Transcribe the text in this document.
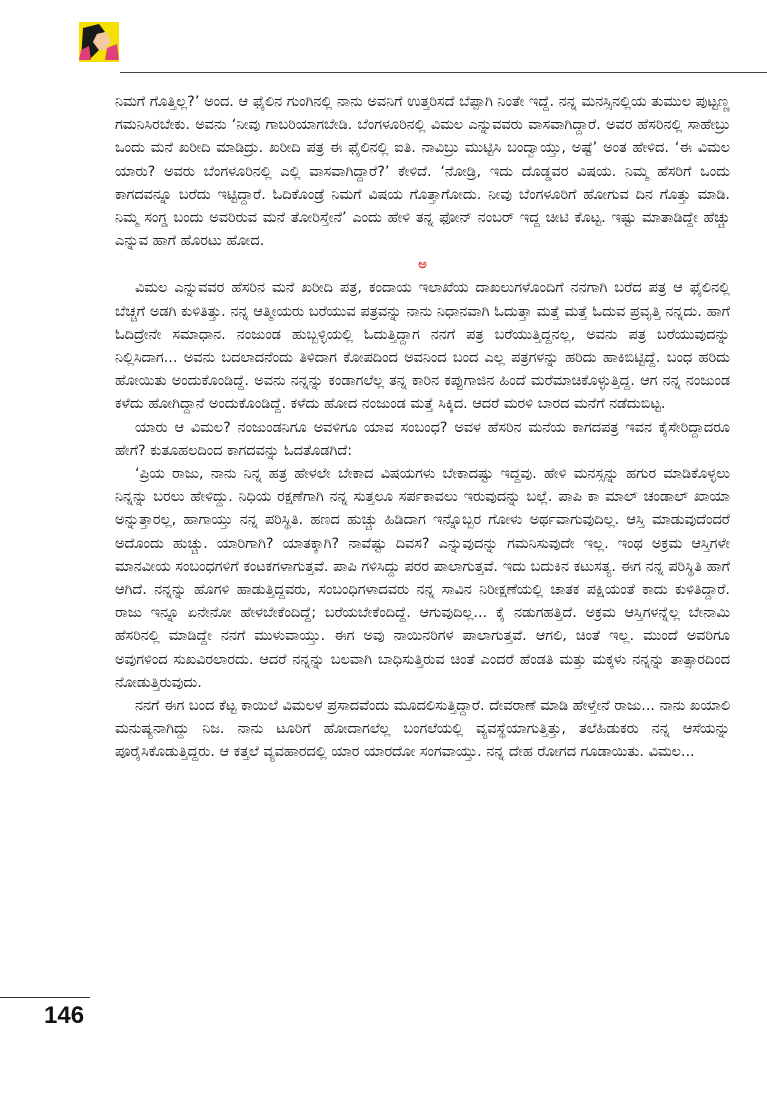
ನಿಮಗೆ ಗೊತ್ತಿಲ್ಲ?’ ಅಂದ. ಆ ಫೈಲಿನ ಗುಂಗಿನಲ್ಲಿ ನಾನು ಅವನಿಗೆ ಉತ್ತರಿಸದೆ ಬೆಪ್ಪಾಗಿ ನಿಂತೇ ಇದ್ದೆ. ನನ್ನ ಮನಸ್ಸಿನಲ್ಲಿಯ ತುಮುಲ ಪುಟ್ಟಣ್ಣ ಗಮನಿಸಿರಬೇಕು. ಅವನು ‘ನೀವು ಗಾಬರಿಯಾಗಬೇಡಿ. ಬೆಂಗಳೂರಿನಲ್ಲಿ ವಿಮಲ ಎನ್ನುವವರು ವಾಸವಾಗಿದ್ದಾರೆ. ಅವರ ಹೆಸರಿನಲ್ಲಿ ಸಾಹೇಬ್ರು ಒಂದು ಮನೆ ಖರೀದಿ ಮಾಡಿದ್ರು. ಖರೀದಿ ಪತ್ರ ಈ ಫೈಲಿನಲ್ಲಿ ಐತಿ. ನಾವಿಬ್ರು ಮುಟ್ಟಿಸಿ ಬಂದ್ವಾಯ್ತು, ಅಷ್ಟೆ’ ಅಂತ ಹೇಳಿದ. ‘ಈ ವಿಮಲ ಯಾರು? ಅವರು ಬೆಂಗಳೂರಿನಲ್ಲಿ ಎಲ್ಲಿ ವಾಸವಾಗಿದ್ದಾರೆ?’ ಕೇಳಿದೆ. ‘ನೋಡ್ರಿ, ಇದು ದೊಡ್ಡವರ ವಿಷಯ. ನಿಮ್ಮ ಹೆಸರಿಗೆ ಒಂದು ಕಾಗದವನ್ನೂ ಬರೆದು ಇಟ್ಟಿದ್ದಾರೆ. ಓದಿಕೊಂಡ್ರೆ ನಿಮಗೆ ವಿಷಯ ಗೊತ್ತಾಗೋದು. ನೀವು ಬೆಂಗಳೂರಿಗೆ ಹೋಗುವ ದಿನ ಗೊತ್ತು ಮಾಡಿ. ನಿಮ್ಮ ಸಂಗ್ಡ ಬಂದು ಅವರಿರುವ ಮನೆ ತೋರಿಸ್ತೇನೆ’ ಎಂದು ಹೇಳಿ ತನ್ನ ಫೋನ್ ನಂಬರ್ ಇದ್ದ ಚೀಟಿ ಕೊಟ್ಟ. ಇಷ್ಟು ಮಾತಾಡಿದ್ದೇ ಹೆಚ್ಚು ಎನ್ನುವ ಹಾಗೆ ಹೊರಟು ಹೋದ.

ಅ

ವಿಮಲ ಎನ್ನುವವರ ಹೆಸರಿನ ಮನೆ ಖರೀದಿ ಪತ್ರ, ಕಂದಾಯ ಇಲಾಖೆಯ ದಾಖಲುಗಳೊಂದಿಗೆ ನನಗಾಗಿ ಬರೆದ ಪತ್ರ ಆ ಫೈಲಿನಲ್ಲಿ ಬೆಚ್ಚಗೆ ಅಡಗಿ ಕುಳಿತಿತ್ತು. ನನ್ನ ಆತ್ಮೀಯರು ಬರೆಯುವ ಪತ್ರವನ್ನು ನಾನು ನಿಧಾನವಾಗಿ ಓದುತ್ತಾ ಮತ್ತೆ ಮತ್ತೆ ಓದುವ ಪ್ರವೃತ್ತಿ ನನ್ನದು. ಹಾಗೆ ಓದಿದ್ರೇನೇ ಸಮಾಧಾನ. ನಂಜುಂಡ ಹುಬ್ಬಳ್ಳಿಯಲ್ಲಿ ಓದುತ್ತಿದ್ದಾಗ ನನಗೆ ಪತ್ರ ಬರೆಯುತ್ತಿದ್ದನಲ್ಲ, ಅವನು ಪತ್ರ ಬರೆಯುವುದನ್ನು ನಿಲ್ಲಿಸಿದಾಗ... ಅವನು ಬದಲಾದನೆಂದು ತಿಳಿದಾಗ ಕೋಪದಿಂದ ಅವನಿಂದ ಬಂದ ಎಲ್ಲ ಪತ್ರಗಳನ್ನು ಹರಿದು ಹಾಕಿಬಿಟ್ಟಿದ್ದೆ. ಬಂಧ ಹರಿದು ಹೋಯಿತು ಅಂದುಕೊಂಡಿದ್ದೆ. ಅವನು ನನ್ನನ್ನು ಕಂಡಾಗಲೆಲ್ಲ ತನ್ನ ಕಾರಿನ ಕಪ್ಪುಗಾಜಿನ ಹಿಂದೆ ಮರೆಮಾಚಿಕೊಳ್ಳುತ್ತಿದ್ದ. ಆಗ ನನ್ನ ನಂಜುಂಡ ಕಳೆದು ಹೋಗಿದ್ದಾನೆ ಅಂದುಕೊಂಡಿದ್ದೆ. ಕಳೆದು ಹೋದ ನಂಜುಂಡ ಮತ್ತೆ ಸಿಕ್ಕಿದ. ಆದರೆ ಮರಳಿ ಬಾರದ ಮನೆಗೆ ನಡೆದುಬಿಟ್ಟ.

ಯಾರು ಆ ವಿಮಲ? ನಂಜುಂಡನಿಗೂ ಅವಳಿಗೂ ಯಾವ ಸಂಬಂಧ? ಅವಳ ಹೆಸರಿನ ಮನೆಯ ಕಾಗದಪತ್ರ ಇವನ ಕೈಸೇರಿದ್ದಾದರೂ ಹೇಗೆ? ಕುತೂಹಲದಿಂದ ಕಾಗದವನ್ನು ಓದತೊಡಗಿದೆ:

‘ಪ್ರಿಯ ರಾಜು, ನಾನು ನಿನ್ನ ಹತ್ರ ಹೇಳಲೇ ಬೇಕಾದ ವಿಷಯಗಳು ಬೇಕಾದಷ್ಟು ಇದ್ದವು. ಹೇಳಿ ಮನಸ್ಸನ್ನು ಹಗುರ ಮಾಡಿಕೊಳ್ಳಲು ನಿನ್ನನ್ನು ಬರಲು ಹೇಳಿದ್ದು. ನಿಧಿಯ ರಕ್ಷಣೆಗಾಗಿ ನನ್ನ ಸುತ್ತಲೂ ಸರ್ಪಕಾವಲು ಇರುವುದನ್ನು ಬಲ್ಲೆ. ಪಾಪಿ ಕಾ ಮಾಲ್ ಚಂಡಾಲ್ ಖಾಯಾ ಅನ್ನುತ್ತಾರಲ್ಲ, ಹಾಗಾಯ್ತು ನನ್ನ ಪರಿಸ್ಥಿತಿ. ಹಣದ ಹುಚ್ಚು ಹಿಡಿದಾಗ ಇನ್ನೊಬ್ಬರ ಗೋಳು ಅರ್ಥವಾಗುವುದಿಲ್ಲ. ಆಸ್ತಿ ಮಾಡುವುದೆಂದರೆ ಅದೊಂದು ಹುಚ್ಚು. ಯಾರಿಗಾಗಿ? ಯಾತಕ್ಕಾಗಿ? ನಾವೆಷ್ಟು ದಿವಸ? ಎನ್ನುವುದನ್ನು ಗಮನಿಸುವುದೇ ಇಲ್ಲ. ಇಂಥ ಅಕ್ರಮ ಆಸ್ತಿಗಳೇ ಮಾನವೀಯ ಸಂಬಂಧಗಳಿಗೆ ಕಂಟಕಗಳಾಗುತ್ತವೆ. ಪಾಪಿ ಗಳಿಸಿದ್ದು ಪರರ ಪಾಲಾಗುತ್ತವೆ. ಇದು ಬದುಕಿನ ಕಟುಸತ್ಯ. ಈಗ ನನ್ನ ಪರಿಸ್ಥಿತಿ ಹಾಗೆ ಆಗಿದೆ. ನನ್ನನ್ನು ಹೊಗಳಿ ಹಾಡುತ್ತಿದ್ದವರು, ಸಂಬಂಧಿಗಳಾದವರು ನನ್ನ ಸಾವಿನ ನಿರೀಕ್ಷಣೆಯಲ್ಲಿ ಚಾತಕ ಪಕ್ಷಿಯಂತೆ ಕಾದು ಕುಳಿತಿದ್ದಾರೆ. ರಾಜು ಇನ್ನೂ ಏನೇನೋ ಹೇಳಬೇಕೆಂದಿದ್ದೆ; ಬರೆಯಬೇಕೆಂದಿದ್ದೆ. ಆಗುವುದಿಲ್ಲ... ಕೈ ನಡುಗಹತ್ತಿದೆ. ಅಕ್ರಮ ಆಸ್ತಿಗಳನ್ನೆಲ್ಲ ಬೇನಾಮಿ ಹೆಸರಿನಲ್ಲಿ ಮಾಡಿದ್ದೇ ನನಗೆ ಮುಳುವಾಯ್ತು. ಈಗ ಅವು ನಾಯಿನರಿಗಳ ಪಾಲಾಗುತ್ತವೆ. ಆಗಲಿ, ಚಿಂತೆ ಇಲ್ಲ. ಮುಂದೆ ಅವರಿಗೂ ಅವುಗಳಿಂದ ಸುಖವಿರಲಾರದು. ಆದರೆ ನನ್ನನ್ನು ಬಲವಾಗಿ ಬಾಧಿಸುತ್ತಿರುವ ಚಿಂತೆ ಎಂದರೆ ಹೆಂಡತಿ ಮತ್ತು ಮಕ್ಕಳು ನನ್ನನ್ನು ತಾತ್ಸಾರದಿಂದ ನೋಡುತ್ತಿರುವುದು.

ನನಗೆ ಈಗ ಬಂದ ಕೆಟ್ಟ ಕಾಯಿಲೆ ವಿಮಲಳ ಪ್ರಸಾದವೆಂದು ಮೂದಲಿಸುತ್ತಿದ್ದಾರೆ. ದೇವರಾಣೆ ಮಾಡಿ ಹೇಳ್ತೇನೆ ರಾಜು... ನಾನು ಖಯಾಲಿ ಮನುಷ್ಯನಾಗಿದ್ದು ನಿಜ. ನಾನು ಟೂರಿಗೆ ಹೋದಾಗಲೆಲ್ಲ ಬಂಗಲೆಯಲ್ಲಿ ವ್ಯವಸ್ಥೆಯಾಗುತ್ತಿತ್ತು, ತಲೆಹಿಡುಕರು ನನ್ನ ಆಸೆಯನ್ನು ಪೂರೈಸಿಕೊಡುತ್ತಿದ್ದರು. ಆ ಕತ್ತಲೆ ವ್ಯವಹಾರದಲ್ಲಿ ಯಾರ ಯಾರದೋ ಸಂಗವಾಯ್ತು. ನನ್ನ ದೇಹ ರೋಗದ ಗೂಡಾಯಿತು. ವಿಮಲ...

146
